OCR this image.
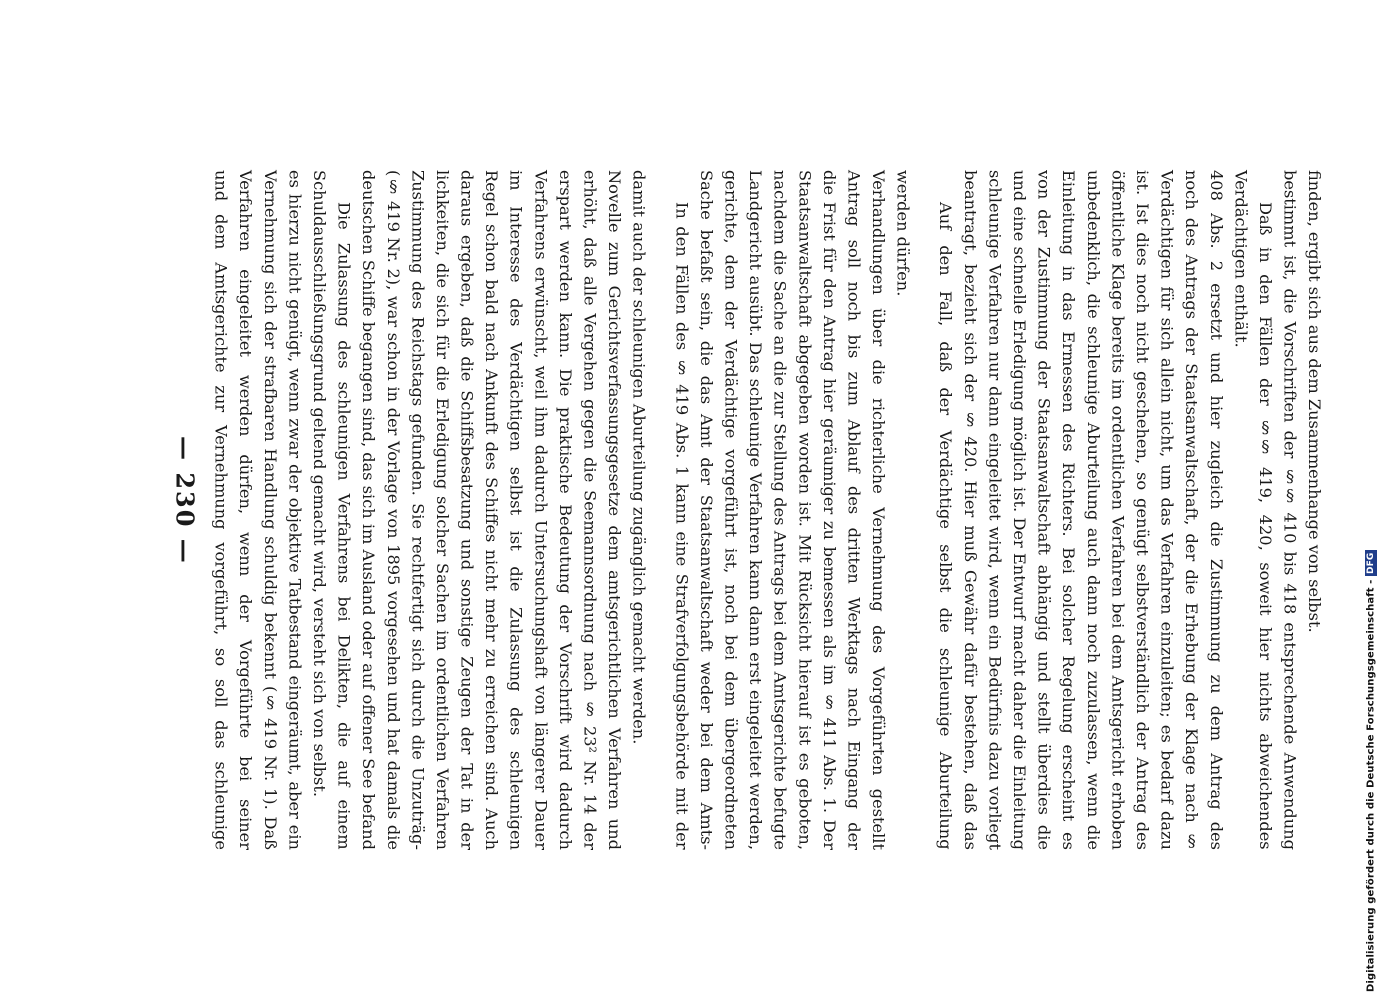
— 230 — und dem Amtsgerichte zur Vernehmung vorgeführt, so soll das schleunige Verfahren eingeleitet werden dürfen, wenn der Vorgeführte bei seiner Vernehmung sich der strafbaren Handlung schuldig bekennt (§ 419 Nr. 1). Daß es hierzu nicht genügt, wenn zwar der objektive Tatbestand eingeräumt, aber ein Schuldausschließungsgrund geltend gemacht wird, versteht sich von selbst. Die Zulassung des schleunigen Verfahrens bei Delikten, die auf einem deutschen Schiffe begangen sind, das sich im Ausland oder auf offener See befand (§ 419 Nr. 2), war schon in der Vorlage von 1895 vorgesehen und hat damals die Zustimmung des Reichstags gefunden. Sie rechtfertigt sich durch die Unzuträglichkeiten, die sich für die Erledigung solcher Sachen im ordentlichen Verfahren daraus ergeben, daß die Schiffsbesatzung und sonstige Zeugen der Tat in der Regel schon bald nach Ankunft des Schiffes nicht mehr zu erreichen sind. Auch im Interesse des Verdächtigen selbst ist die Zulassung des schleunigen Verfahrens erwünscht, weil ihm dadurch Untersuchungshaft von längerer Dauer erspart werden kann. Die praktische Bedeutung der Vorschrift wird dadurch erhöht, daß alle Vergehen gegen die Seemannsordnung nach § 23² Nr. 14 der Novelle zum Gerichtsverfassungsgesetze dem amtsgerichtlichen Verfahren und damit auch der schleunigen Aburteilung zugänglich gemacht werden. In den Fällen des § 419 Abs. 1 kann eine Strafverfolgungsbehörde mit der Sache befaßt sein, die das Amt der Staatsanwaltschaft weder bei dem Amtsgerichte, dem der Verdächtige vorgeführt ist, noch bei dem übergeordneten Landgericht ausübt. Das schleunige Verfahren kann dann erst eingeleitet werden, nachdem die Sache an die zur Stellung des Antrags bei dem Amtsgerichte befugte Staatsanwaltschaft abgegeben worden ist. Mit Rücksicht hierauf ist es geboten, die Frist für den Antrag hier geräumiger zu bemessen als im § 411 Abs. 1. Der Antrag soll noch bis zum Ablauf des dritten Werktags nach Eingang der Verhandlungen über die richterliche Vernehmung des Vorgeführten gestellt werden dürfen. Auf den Fall, daß der Verdächtige selbst die schleunige Aburteilung beantragt, bezieht sich der § 420. Hier muß Gewähr dafür bestehen, daß das schleunige Verfahren nur dann eingeleitet wird, wenn ein Bedürfnis dazu vorliegt und eine schnelle Erledigung möglich ist. Der Entwurf macht daher die Einleitung von der Zustimmung der Staatsanwaltschaft abhängig und stellt überdies die Einleitung in das Ermessen des Richters. Bei solcher Regelung erscheint es unbedenklich, die schleunige Aburteilung auch dann noch zuzulassen, wenn die öffentliche Klage bereits im ordentlichen Verfahren bei dem Amtsgericht erhoben ist. Ist dies noch nicht geschehen, so genügt selbstverständlich der Antrag des Verdächtigen für sich allein nicht, um das Verfahren einzuleiten; es bedarf dazu noch des Antrags der Staatsanwaltschaft, der die Erhebung der Klage nach § 408 Abs. 2 ersetzt und hier zugleich die Zustimmung zu dem Antrag des Verdächtigen enthält. Daß in den Fällen der §§ 419, 420, soweit hier nichts abweichendes bestimmt ist, die Vorschriften der §§ 410 bis 418 entsprechende Anwendung finden, ergibt sich aus dem Zusammenhange von selbst.

Digitalisierung gefördert durch die Deutsche Forschungsgemeinschaft -
DFG
